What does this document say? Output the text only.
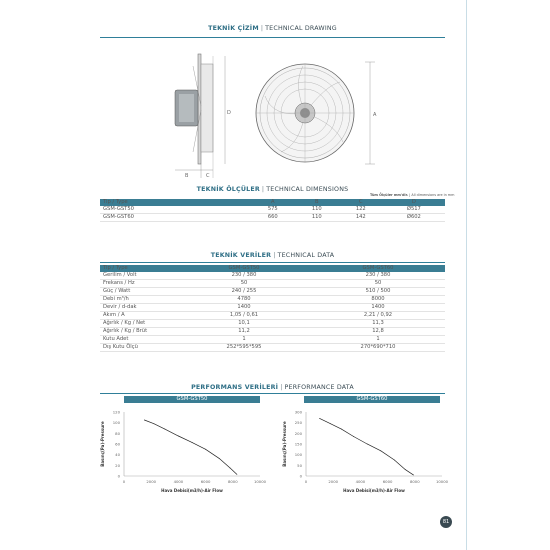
TEKNİK ÇİZİM | TECHNICAL DRAWING
B	C
D	A
TEKNİK ÖLÇÜLER | TECHNICAL DIMENSIONS
Tüm Ölçüler mm'dir. | All dimensions are in mm
Tip / Type	A	B	C	D
GSM-GST50	575	110	122	Ø517
GSM-GST60	660	110	142	Ø602
TEKNİK VERİLER | TECHNICAL DATA
Tip / Type	GSM-GST50	GSM-GST60
Gerilim / Volt	230 / 380	230 / 380
Frekans / Hz	50	50
Güç / Watt	240 / 255	510 / 500
Debi m³/h	4780	8000
Devir / d-dak	1400	1400
Akım / A	1,05 / 0,61	2,21 / 0,92
Ağırlık / Kg / Net	10,1	11,3
Ağırlık / Kg / Brüt	11,2	12,8
Kutu Adet	1	1
Dış Kutu Ölçü	252*595*595	270*690*710
PERFORMANS VERİLERİ | PERFORMANCE DATA
GSM-GST50	GSM-GST60
0
20
40
60
80
100
120
0	2000	4000	6000	8000	10000
Basınç(Pa)-Pressure
Hava Debisi(m3/h)-Air Flow
0
50
100
150
200
250
300
0	2000	4000	6000	8000	10000
Basınç(Pa)-Pressure
Hava Debisi(m3/h)-Air Flow
81
